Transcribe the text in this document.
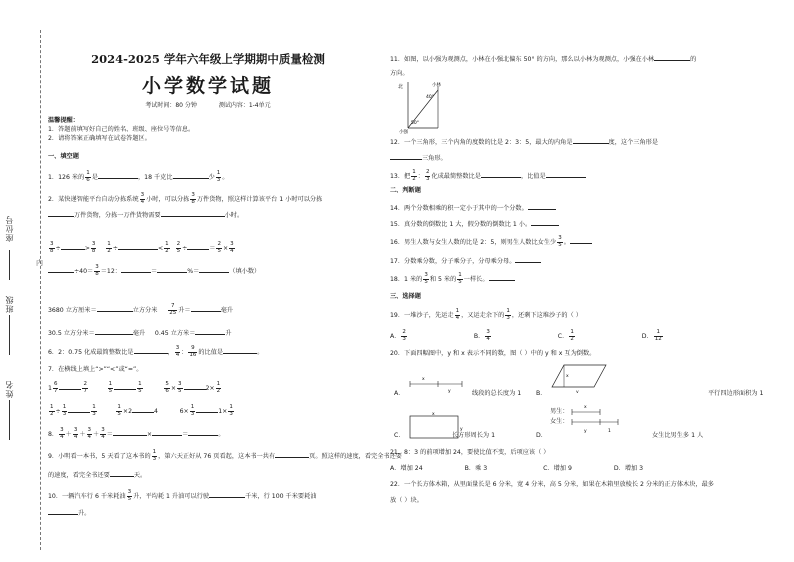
座位号
班级
姓名
内
2024-2025 学年六年级上学期期中质量检测
小学数学试题
考试时间：80 分钟	测试内容：1-4单元
温馨提醒：
1．答题前填写好自己的姓名、班级、座位号等信息。
2．请将答案正确填写在试卷答题区。
一、填空题
1．126 米的 $\frac{1}{6}$ 是	，18 千克比	少 $\frac{1}{3}$ 。
2．某快递智能平台自动分拣系统 $\frac{3}{4}$ 小时，可以分拣 $\frac{3}{8}$ 万件货物，照这样计算该平台 1 小时可以分拣
万件货物，分拣一万件货物需要	小时。
$\frac{3}{8}$ ÷	> $\frac{3}{8}$
$\frac{1}{2}$ ÷	< $\frac{1}{2}$
$\frac{2}{5}$ ÷	＝ $\frac{2}{5} \times \frac{3}{4}$
$\div 40= \frac{3}{8} =12$：	＝	%＝	（填小数）
3680 立方厘米＝	立方分米 $\frac{7}{25}$ 升＝	毫升
30.5 立方分米＝	毫升 0.45 立方米＝	升
6．2：0.75 化成最简整数比是	， $\frac{3}{4}$ ： $\frac{9}{16}$ 的比值是	。
7．在横线上填上“>”“<”或“=”。
$1 \frac{6}{7}$	$\frac{2}{7}$
	$\frac{1}{5}$	$\frac{1}{5}$
	$\frac{5}{6} \times \frac{3}{5}$	$2\times \frac{1}{2}$
$\frac{1}{2} \div \frac{1}{3}$	$\frac{1}{3}$
	$\frac{1}{5} \times 2$	4           $6\times \frac{1}{3}$	$1\times \frac{1}{3}$
8． $\frac{3}{4} + \frac{3}{4} + \frac{3}{4} + \frac{3}{4}$ ＝	×	＝	。
9．小明看一本书，5 天看了这本书的 $\frac{1}{3}$ ，第六天正好从 76 页看起，这本书一共有	页。照这样的速度，看完全书还要
的速度，看完全书还要	天。
10．一辆汽车行 6 千米耗油 $\frac{3}{5}$ 升，平均耗 1 升油可以行驶	千米，行 100 千米要耗油
升。
11．如图，以小强为观测点，小林在小强北偏东 50° 的方向，那么以小林为观测点，小强在小林	的
方向。
北	小林
小强
40°
50°
12．一个三角形，三个内角的度数的比是 2：3：5，最大的内角是	度，这个三角形是
三角形。
13．把 $\frac{1}{2}$ ： $\frac{2}{3}$ 化成最简整数比是	，比值是
二、判断题
14．两个分数相乘的积一定小于其中的一个分数。
15．真分数的倒数比 1 大，假分数的倒数比 1 小。
16．男生人数与女生人数的比是 2：5，则男生人数比女生少 $\frac{3}{5}$ 。
17．分数乘分数，分子乘分子，分母乘分母。
18．1 米的 $\frac{3}{5}$ 和 5 米的 $\frac{1}{5}$ 一样长。
三、选择题
19．一堆沙子，先运走 $\frac{1}{4}$ ，又运走余下的 $\frac{1}{3}$ ，还剩下这堆沙子的（ ）
A． $\frac{2}{3}$	B． $\frac{3}{4}$	C． $\frac{1}{2}$	D． $\frac{1}{12}$
20．下面四幅图中，y 和 x 表示不同的数，图（ ）中的 y 和 x 互为倒数。
A．
x
y	线段的总长度为 1 B．
x
y	平行四边形面积为 1
C．
x
y
长方形周长为 1	D．
男生：
女生：
x
y	1
女生比男生多 1 人
21．8：3 的前项增加 24，要使比值不变，后项应该（ ）
A．增加 24	B．乘 3	C．增加 9	D．增加 3
22．一个长方体木箱，从里面量长是 6 分米，宽 4 分米，高 5 分米，如果在木箱里放棱长 2 分米的正方体木块，最多
放（ ）块。
